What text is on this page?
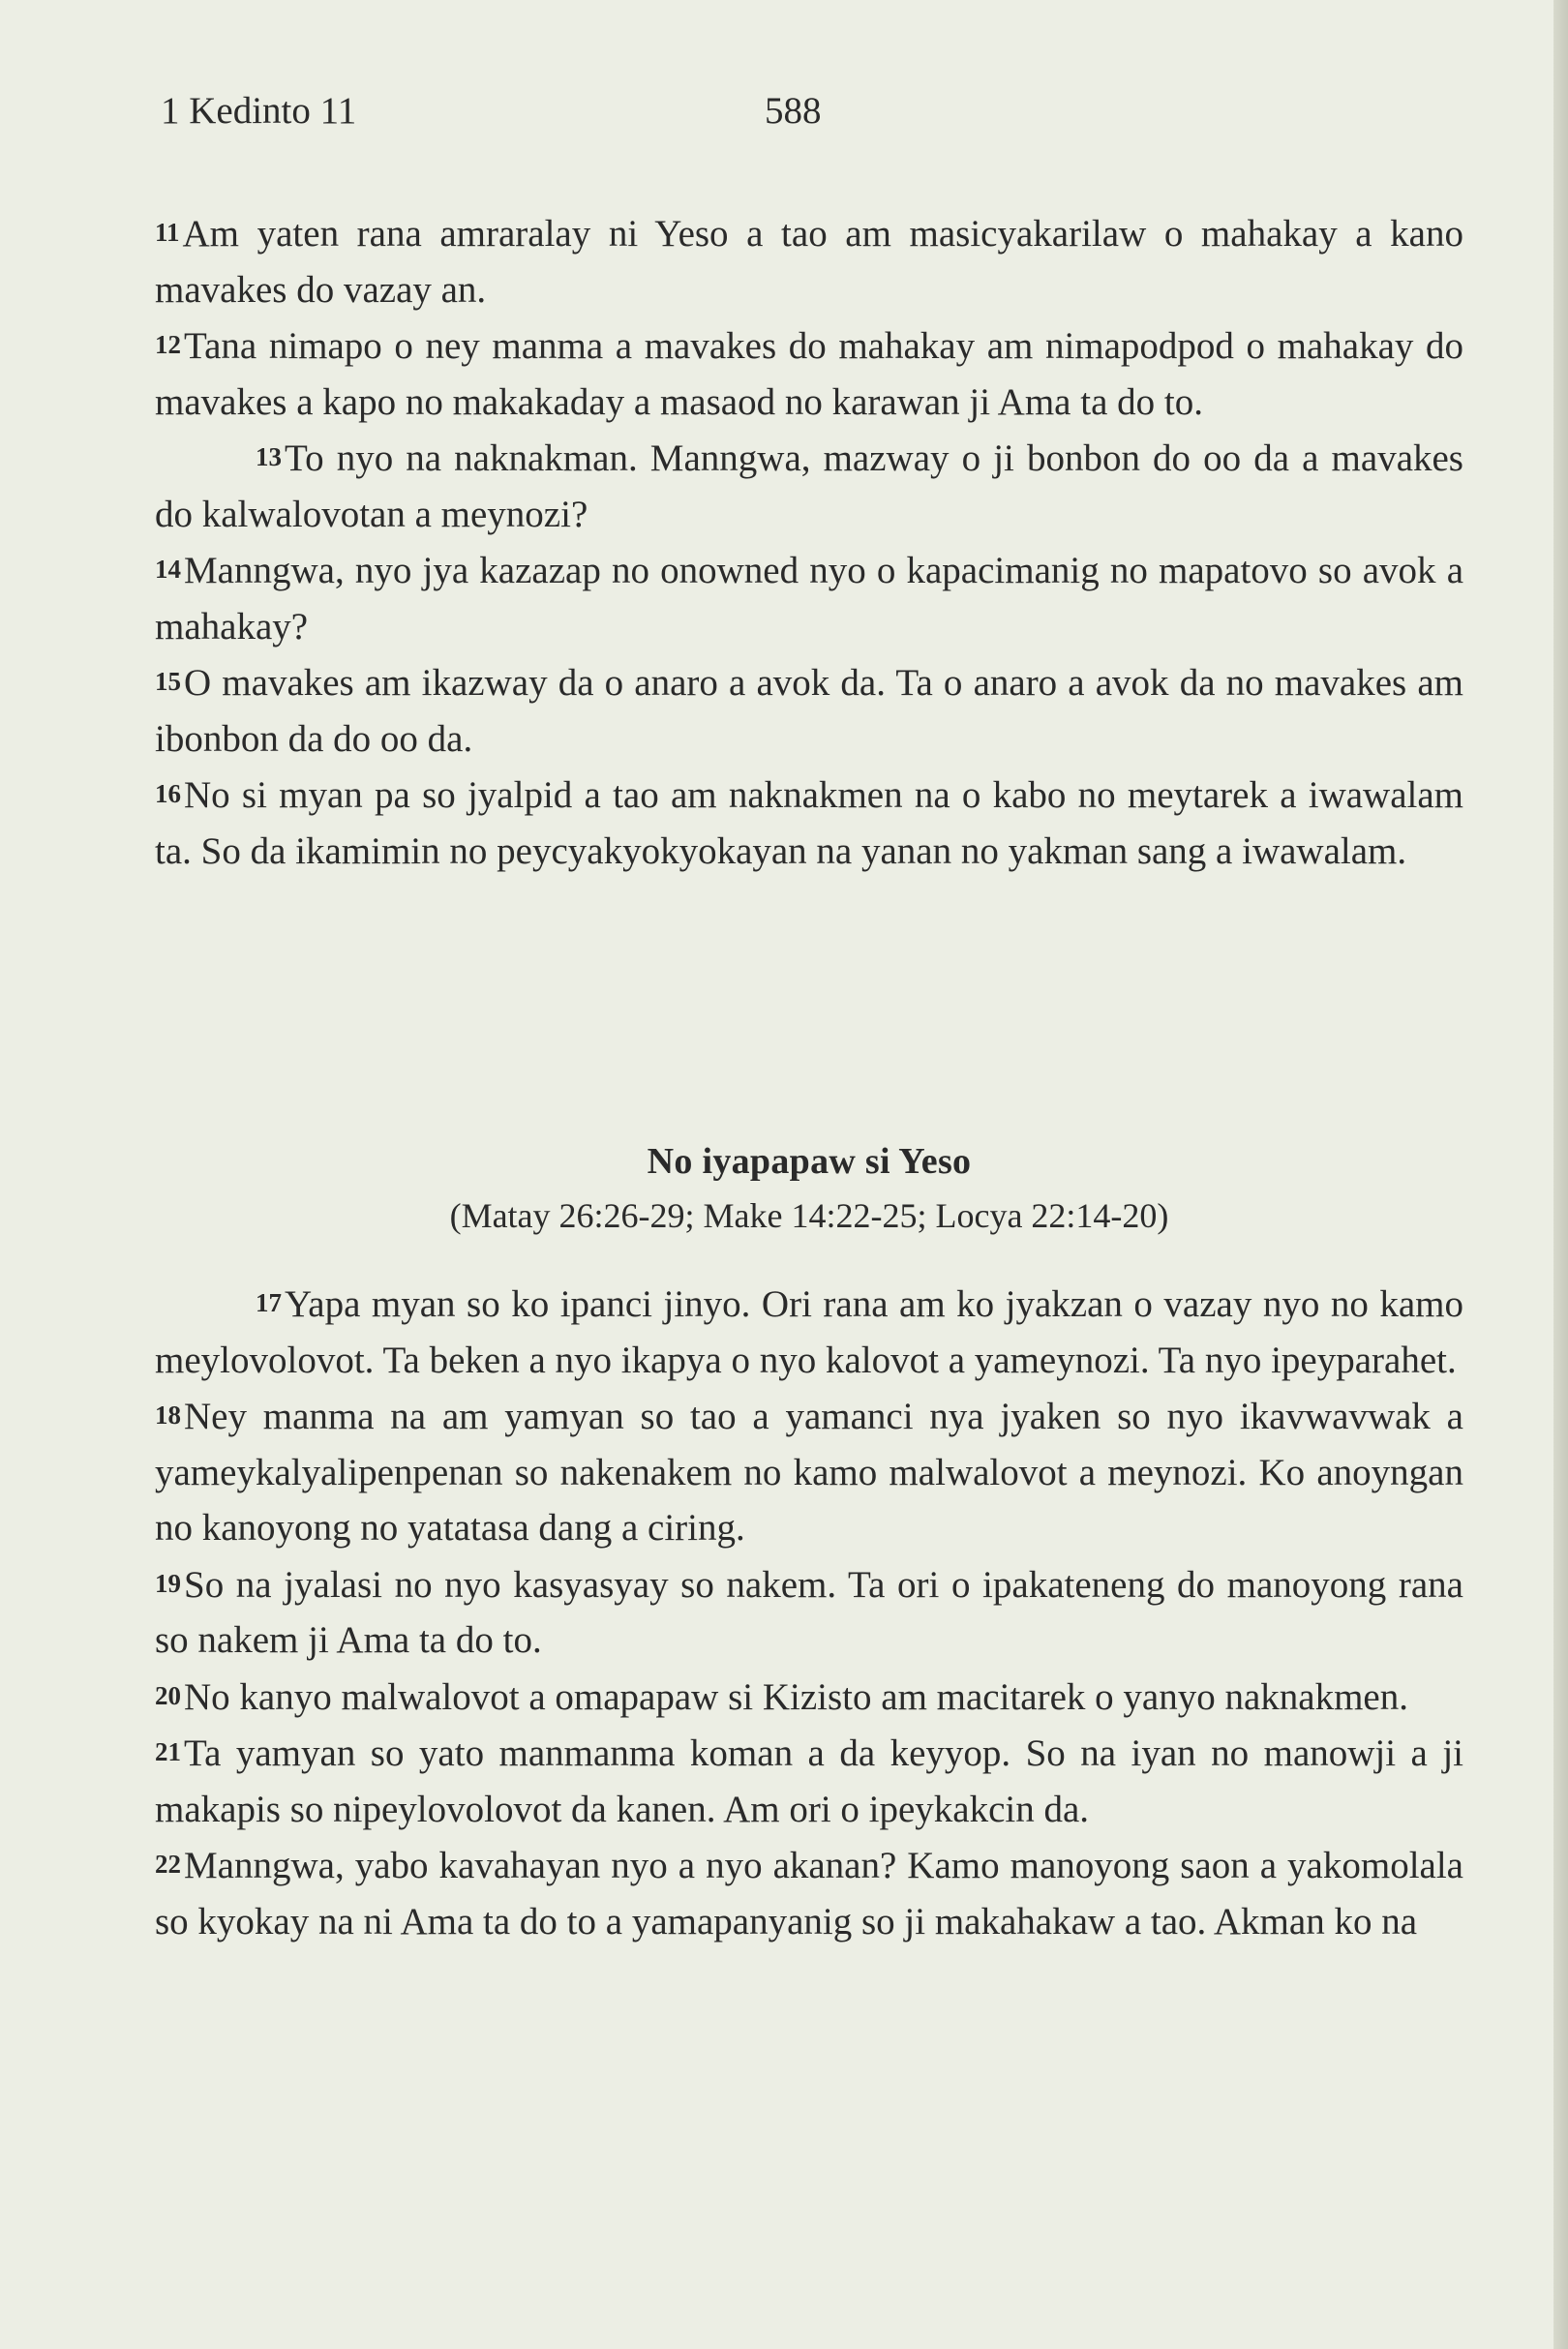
1 Kedinto 11	588
11Am yaten rana amraralay ni Yeso a tao am masicyakarilaw o mahakay a kano mavakes do vazay an.
12Tana nimapo o ney manma a mavakes do mahakay am nimapodpod o mahakay do mavakes a kapo no makakaday a masaod no karawan ji Ama ta do to.
13To nyo na naknakman. Manngwa, mazway o ji bonbon do oo da a mavakes do kalwalovotan a meynozi?
14Manngwa, nyo jya kazazap no onowned nyo o kapacimanig no mapatovo so avok a mahakay?
15O mavakes am ikazway da o anaro a avok da. Ta o anaro a avok da no mavakes am ibonbon da do oo da.
16No si myan pa so jyalpid a tao am naknakmen na o kabo no meytarek a iwawalam ta. So da ikamimin no peycyakyokyokayan na yanan no yakman sang a iwawalam.
No iyapapaw si Yeso
(Matay 26:26-29; Make 14:22-25; Locya 22:14-20)
17Yapa myan so ko ipanci jinyo. Ori rana am ko jyakzan o vazay nyo no kamo meylovolovot. Ta beken a nyo ikapya o nyo kalovot a yameynozi. Ta nyo ipeyparahet.
18Ney manma na am yamyan so tao a yamanci nya jyaken so nyo ikavwavwak a yameykalyalipenpenan so nakenakem no kamo malwalovot a meynozi. Ko anoyngan no kanoyong no yatatasa dang a ciring.
19So na jyalasi no nyo kasyasyay so nakem. Ta ori o ipakateneng do manoyong rana so nakem ji Ama ta do to.
20No kanyo malwalovot a omapapaw si Kizisto am macitarek o yanyo naknakmen.
21Ta yamyan so yato manmanma koman a da keyyop. So na iyan no manowji a ji makapis so nipeylovolovot da kanen. Am ori o ipeykakcin da.
22Manngwa, yabo kavahayan nyo a nyo akanan? Kamo manoyong saon a yakomolala so kyokay na ni Ama ta do to a yamapanyanig so ji makahakaw a tao. Akman ko na
